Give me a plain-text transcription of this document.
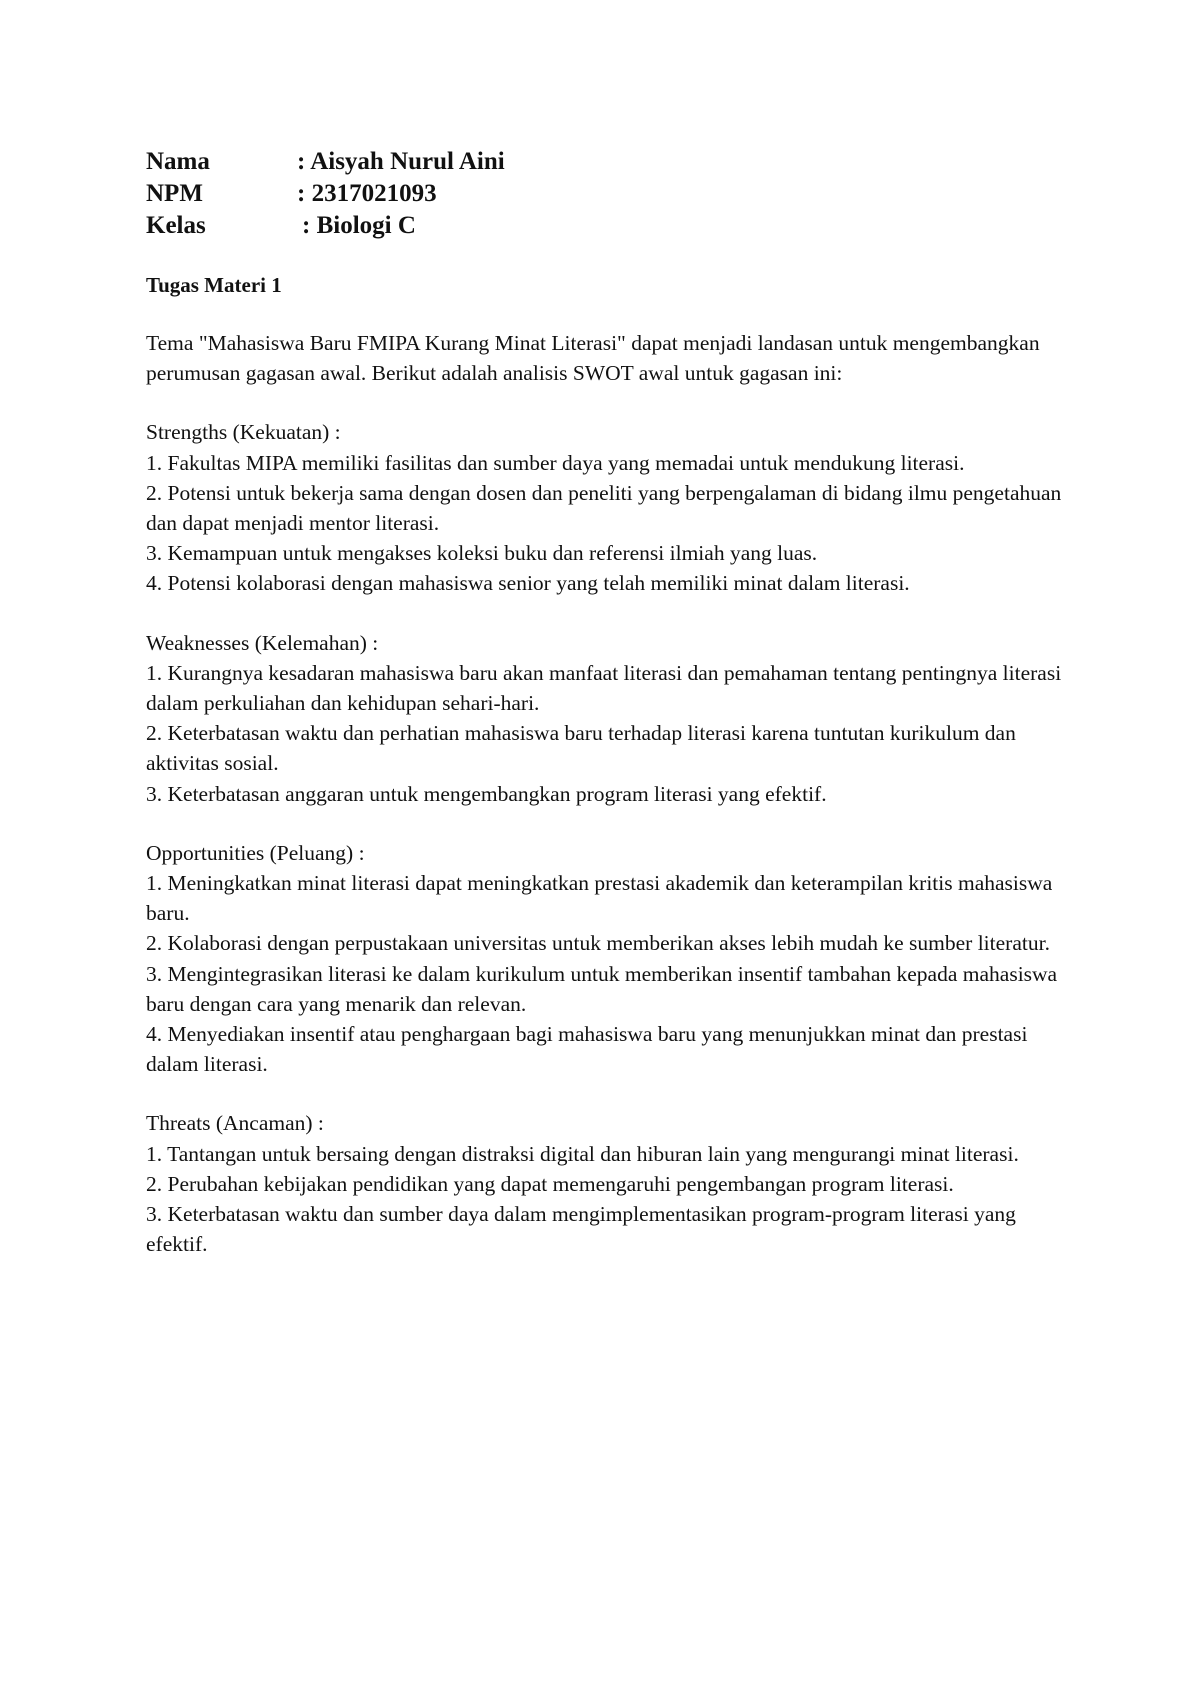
Nama	: Aisyah Nurul Aini
NPM	: 2317021093
Kelas	: Biologi C
Tugas Materi 1

Tema "Mahasiswa Baru FMIPA Kurang Minat Literasi" dapat menjadi landasan untuk mengembangkan perumusan gagasan awal. Berikut adalah analisis SWOT awal untuk gagasan ini:

Strengths (Kekuatan) :

1. Fakultas MIPA memiliki fasilitas dan sumber daya yang memadai untuk mendukung literasi.
2. Potensi untuk bekerja sama dengan dosen dan peneliti yang berpengalaman di bidang ilmu pengetahuan dan dapat menjadi mentor literasi.
3. Kemampuan untuk mengakses koleksi buku dan referensi ilmiah yang luas.
4. Potensi kolaborasi dengan mahasiswa senior yang telah memiliki minat dalam literasi.

Weaknesses (Kelemahan) :

1. Kurangnya kesadaran mahasiswa baru akan manfaat literasi dan pemahaman tentang pentingnya literasi dalam perkuliahan dan kehidupan sehari-hari.
2. Keterbatasan waktu dan perhatian mahasiswa baru terhadap literasi karena tuntutan kurikulum dan aktivitas sosial.
3. Keterbatasan anggaran untuk mengembangkan program literasi yang efektif.

Opportunities (Peluang) :

1. Meningkatkan minat literasi dapat meningkatkan prestasi akademik dan keterampilan kritis mahasiswa baru.
2. Kolaborasi dengan perpustakaan universitas untuk memberikan akses lebih mudah ke sumber literatur.
3. Mengintegrasikan literasi ke dalam kurikulum untuk memberikan insentif tambahan kepada mahasiswa baru dengan cara yang menarik dan relevan.
4. Menyediakan insentif atau penghargaan bagi mahasiswa baru yang menunjukkan minat dan prestasi dalam literasi.

Threats (Ancaman) :

1. Tantangan untuk bersaing dengan distraksi digital dan hiburan lain yang mengurangi minat literasi.
2. Perubahan kebijakan pendidikan yang dapat memengaruhi pengembangan program literasi.
3. Keterbatasan waktu dan sumber daya dalam mengimplementasikan program-program literasi yang efektif.
